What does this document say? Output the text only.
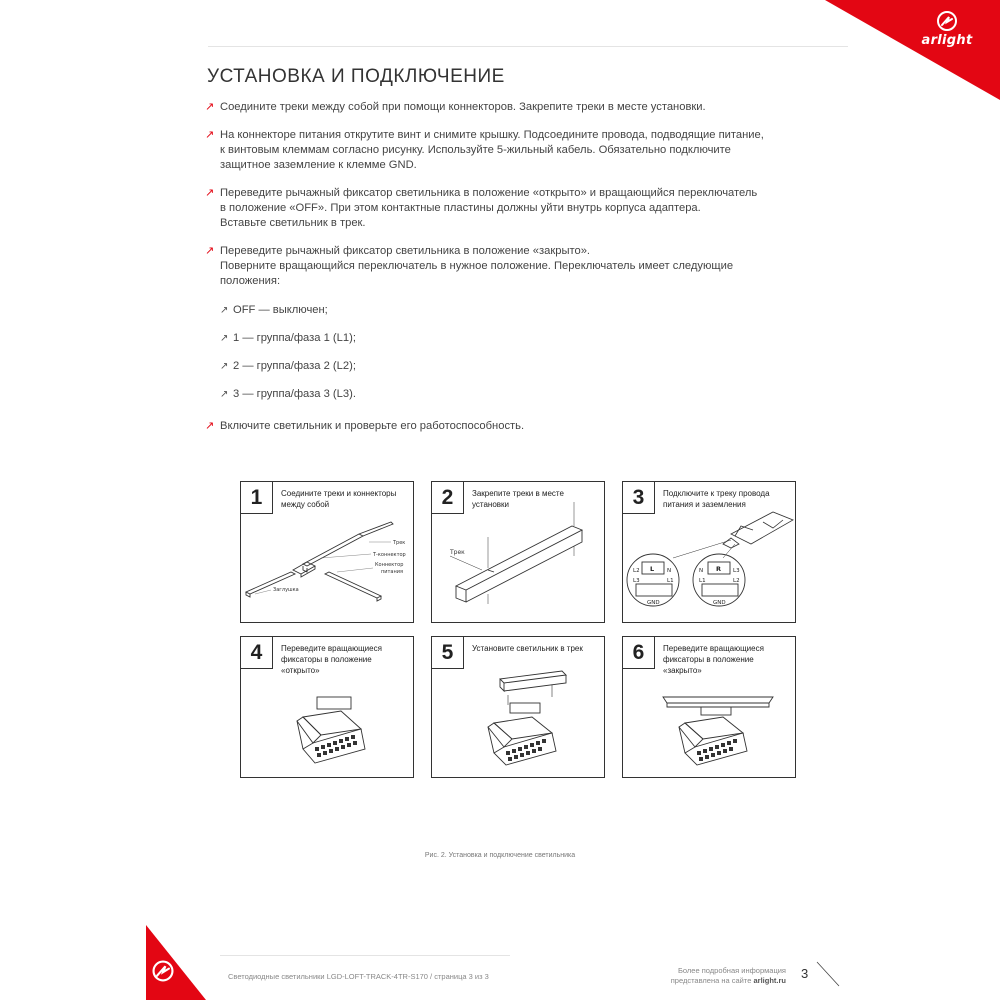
arlight
УСТАНОВКА И ПОДКЛЮЧЕНИЕ
↗ Соедините треки между собой при помощи коннекторов. Закрепите треки в месте установки.

↗ На коннекторе питания открутите винт и снимите крышку. Подсоедините провода, подводящие питание,

к винтовым клеммам согласно рисунку. Используйте 5-жильный кабель. Обязательно подключите

защитное заземление к клемме GND.

↗ Переведите рычажный фиксатор светильника в положение «открыто» и вращающийся переключатель

в положение «OFF». При этом контактные пластины должны уйти внутрь корпуса адаптера.

Вставьте светильник в трек.

↗ Переведите рычажный фиксатор светильника в положение «закрыто».

Поверните вращающийся переключатель в нужное положение. Переключатель имеет следующие

положения:

↗ OFF — выключен;
↗ 1 — группа/фаза 1 (L1);
↗ 2 — группа/фаза 2 (L2);
↗ 3 — группа/фаза 3 (L3).
↗ Включите светильник и проверьте его работоспособность.

Трек
Т-коннектор
Коннектор
питания
Заглушка
1	Соедините треки и коннекторы между собой
Трек
2	Закрепите треки в месте установки
L	R
L2
L3
N
L1
N
L1
L3
L2
GND	GND
3	Подключите к треку провода питания и заземления
4	Переведите вращающиеся фиксаторы в положение «открыто»
5	Установите светильник в трек	6	Переведите вращающиеся фиксаторы в положение «закрыто»
Рис. 2. Установка и подключение светильника
Светодиодные светильники LGD-LOFT-TRACK-4TR-S170 / страница 3 из 3
Более подробная информация
представлена на сайте arlight.ru 3
